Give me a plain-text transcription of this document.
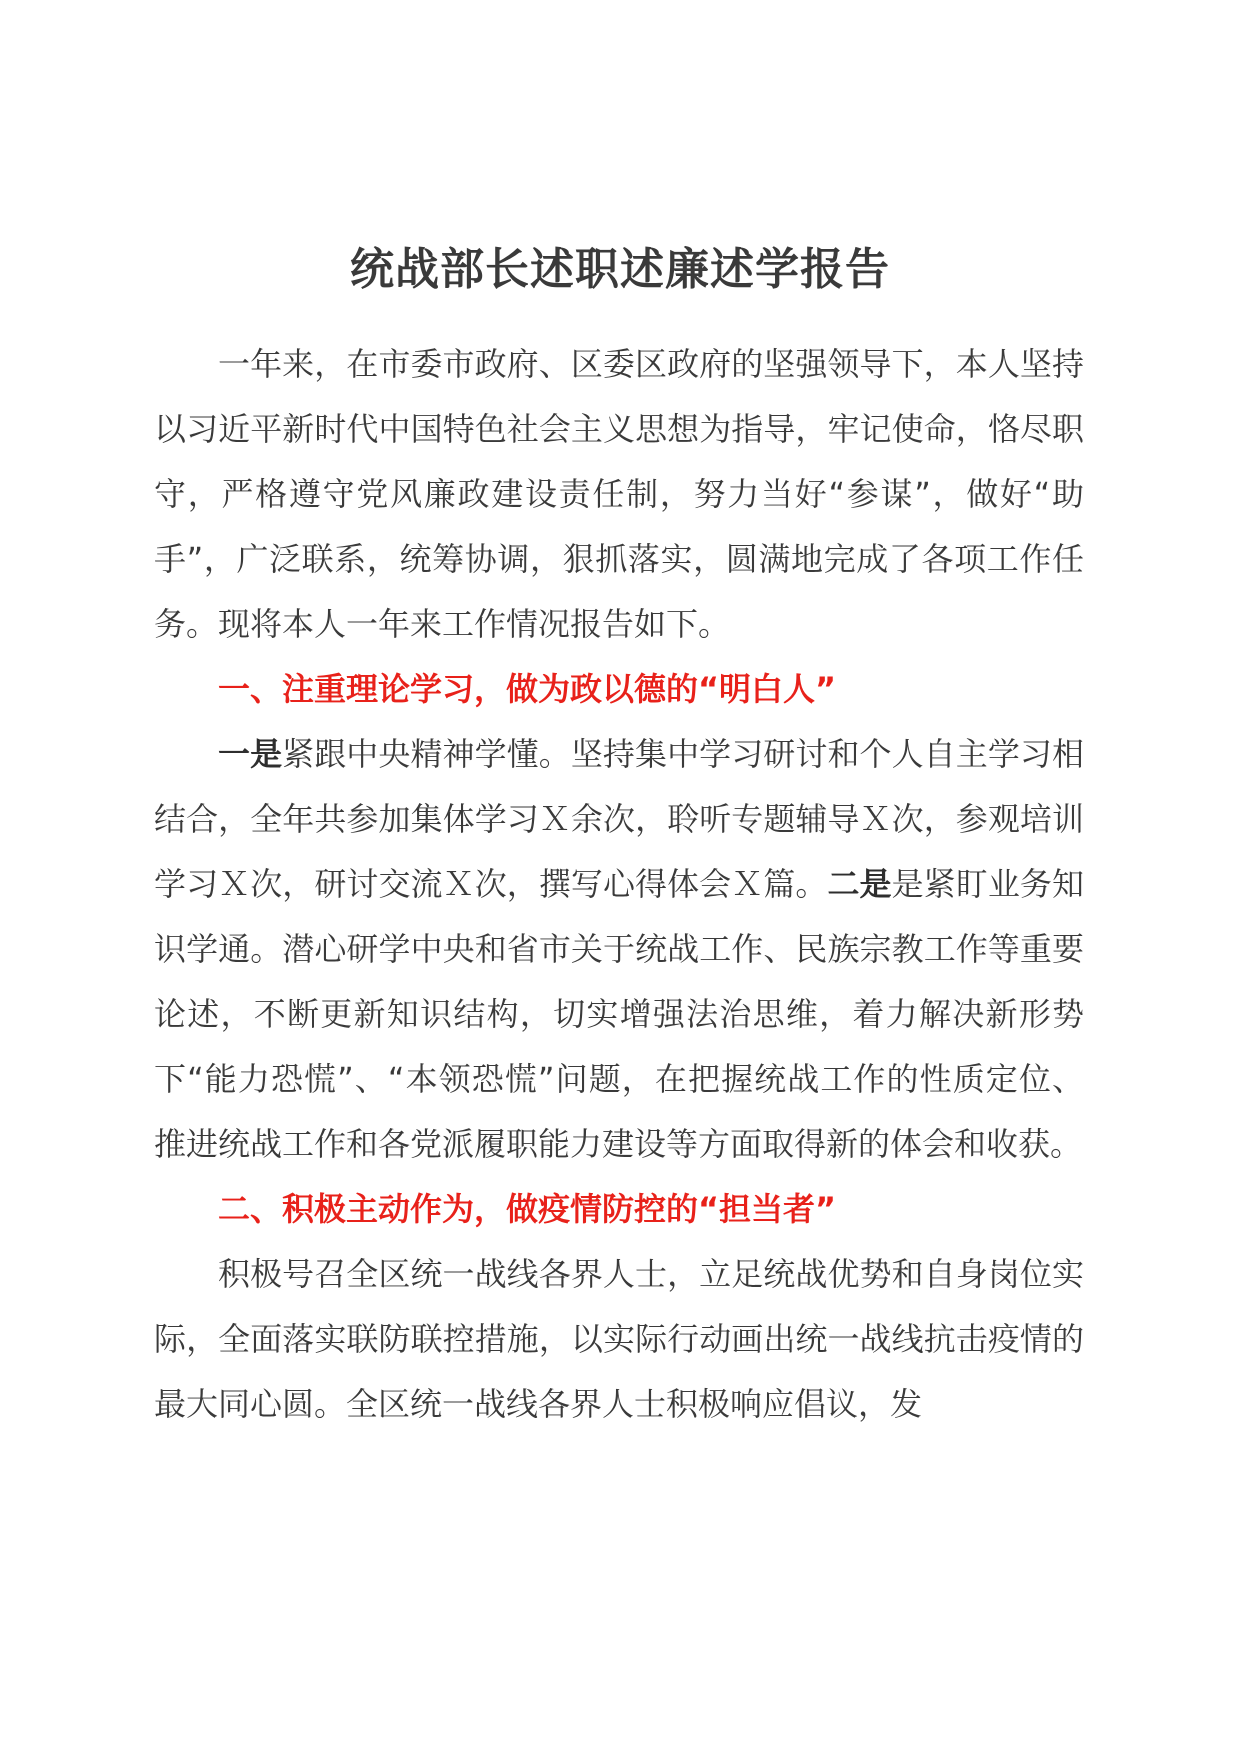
统战部长述职述廉述学报告

一年来，在市委市政府、区委区政府的坚强领导下，本人坚持以习近平新时代中国特色社会主义思想为指导，牢记使命，恪尽职守，严格遵守党风廉政建设责任制，努力当好“参谋”，做好“助手”，广泛联系，统筹协调，狠抓落实，圆满地完成了各项工作任务。现将本人一年来工作情况报告如下。

一、注重理论学习，做为政以德的“明白人”

一是紧跟中央精神学懂。坚持集中学习研讨和个人自主学习相结合，全年共参加集体学习Ｘ余次，聆听专题辅导Ｘ次，参观培训学习Ｘ次，研讨交流Ｘ次，撰写心得体会Ｘ篇。二是是紧盯业务知识学通。潜心研学中央和省市关于统战工作、民族宗教工作等重要论述，不断更新知识结构，切实增强法治思维，着力解决新形势下“能力恐慌”、“本领恐慌”问题，在把握统战工作的性质定位、推进统战工作和各党派履职能力建设等方面取得新的体会和收获。

二、积极主动作为，做疫情防控的“担当者”

积极号召全区统一战线各界人士，立足统战优势和自身岗位实际，全面落实联防联控措施，以实际行动画出统一战线抗击疫情的最大同心圆。全区统一战线各界人士积极响应倡议，发
